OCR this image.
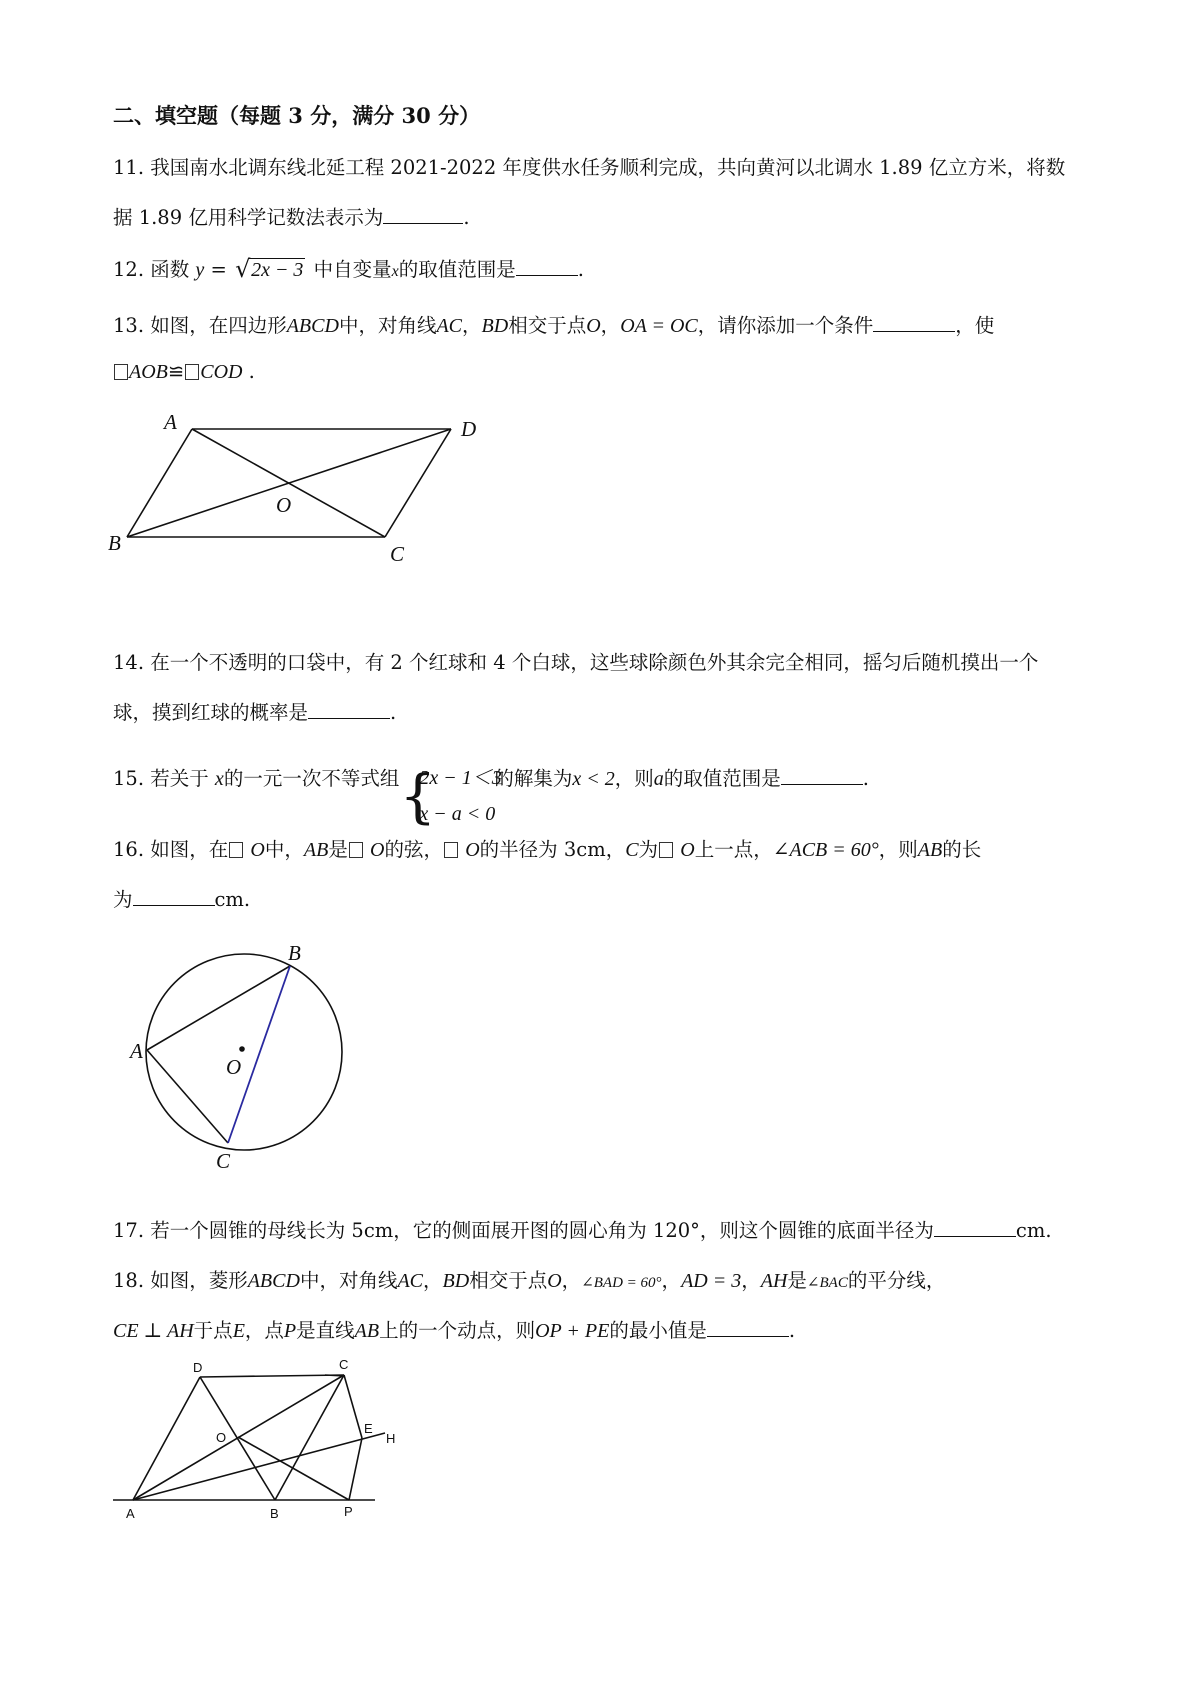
二、填空题（每题 3 分，满分 30 分）
11. 我国南水北调东线北延工程 2021-2022 年度供水任务顺利完成，共向黄河以北调水 1.89 亿立方米，将数
据 1.89 亿用科学记数法表示为	.
12. 函数 y = √ 2x − 3 中自变量x的取值范围是	.
13. 如图，在四边形ABCD中，对角线AC，BD相交于点O，OA = OC，请你添加一个条件	，使
AOB≌ COD .
A	D
B	C
O
14. 在一个不透明的口袋中，有 2 个红球和 4 个白球，这些球除颜色外其余完全相同，摇匀后随机摸出一个
球，摸到红球的概率是	.
15. 若关于 x的一元一次不等式组 {
2x − 1＜3
x − a < 0
的解集为x < 2，则a的取值范围是	.
16. 如图，在 O中，AB是 O的弦， O的半径为 3cm，C为 O上一点，∠ACB = 60°，则AB的长
为	cm.
A
B
C
O
17. 若一个圆锥的母线长为 5cm，它的侧面展开图的圆心角为 120°，则这个圆锥的底面半径为	cm.
18. 如图，菱形ABCD中，对角线AC，BD相交于点O，∠BAD = 60°，AD = 3，AH是∠BAC的平分线，
CE ⊥ AH于点E，点P是直线AB上的一个动点，则OP + PE的最小值是	.
D	C
O
E
H
A	B	P
